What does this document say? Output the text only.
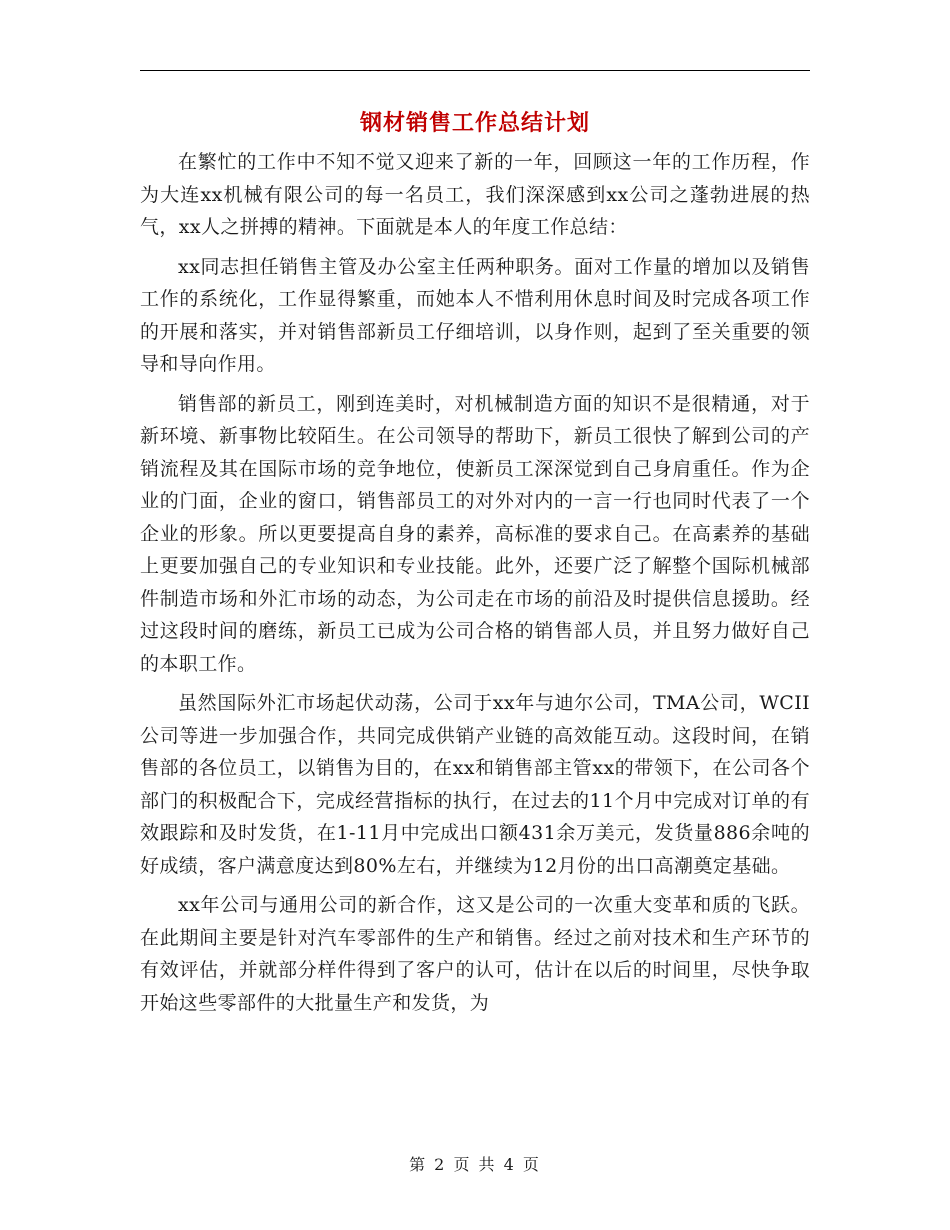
钢材销售工作总结计划

在繁忙的工作中不知不觉又迎来了新的一年，回顾这一年的工作历程，作为大连xx机械有限公司的每一名员工，我们深深感到xx公司之蓬勃进展的热气，xx人之拼搏的精神。下面就是本人的年度工作总结：

xx同志担任销售主管及办公室主任两种职务。面对工作量的增加以及销售工作的系统化，工作显得繁重，而她本人不惜利用休息时间及时完成各项工作的开展和落实，并对销售部新员工仔细培训，以身作则，起到了至关重要的领导和导向作用。

销售部的新员工，刚到连美时，对机械制造方面的知识不是很精通，对于新环境、新事物比较陌生。在公司领导的帮助下，新员工很快了解到公司的产销流程及其在国际市场的竞争地位，使新员工深深觉到自己身肩重任。作为企业的门面，企业的窗口，销售部员工的对外对内的一言一行也同时代表了一个企业的形象。所以更要提高自身的素养，高标准的要求自己。在高素养的基础上更要加强自己的专业知识和专业技能。此外，还要广泛了解整个国际机械部件制造市场和外汇市场的动态，为公司走在市场的前沿及时提供信息援助。经过这段时间的磨练，新员工已成为公司合格的销售部人员，并且努力做好自己的本职工作。

虽然国际外汇市场起伏动荡，公司于xx年与迪尔公司，TMA公司，WCII公司等进一步加强合作，共同完成供销产业链的高效能互动。这段时间，在销售部的各位员工，以销售为目的，在xx和销售部主管xx的带领下，在公司各个部门的积极配合下，完成经营指标的执行，在过去的11个月中完成对订单的有效跟踪和及时发货，在1-11月中完成出口额431余万美元，发货量886余吨的好成绩，客户满意度达到80%左右，并继续为12月份的出口高潮奠定基础。

xx年公司与通用公司的新合作，这又是公司的一次重大变革和质的飞跃。在此期间主要是针对汽车零部件的生产和销售。经过之前对技术和生产环节的有效评估，并就部分样件得到了客户的认可，估计在以后的时间里，尽快争取开始这些零部件的大批量生产和发货，为

第 2 页 共 4 页
